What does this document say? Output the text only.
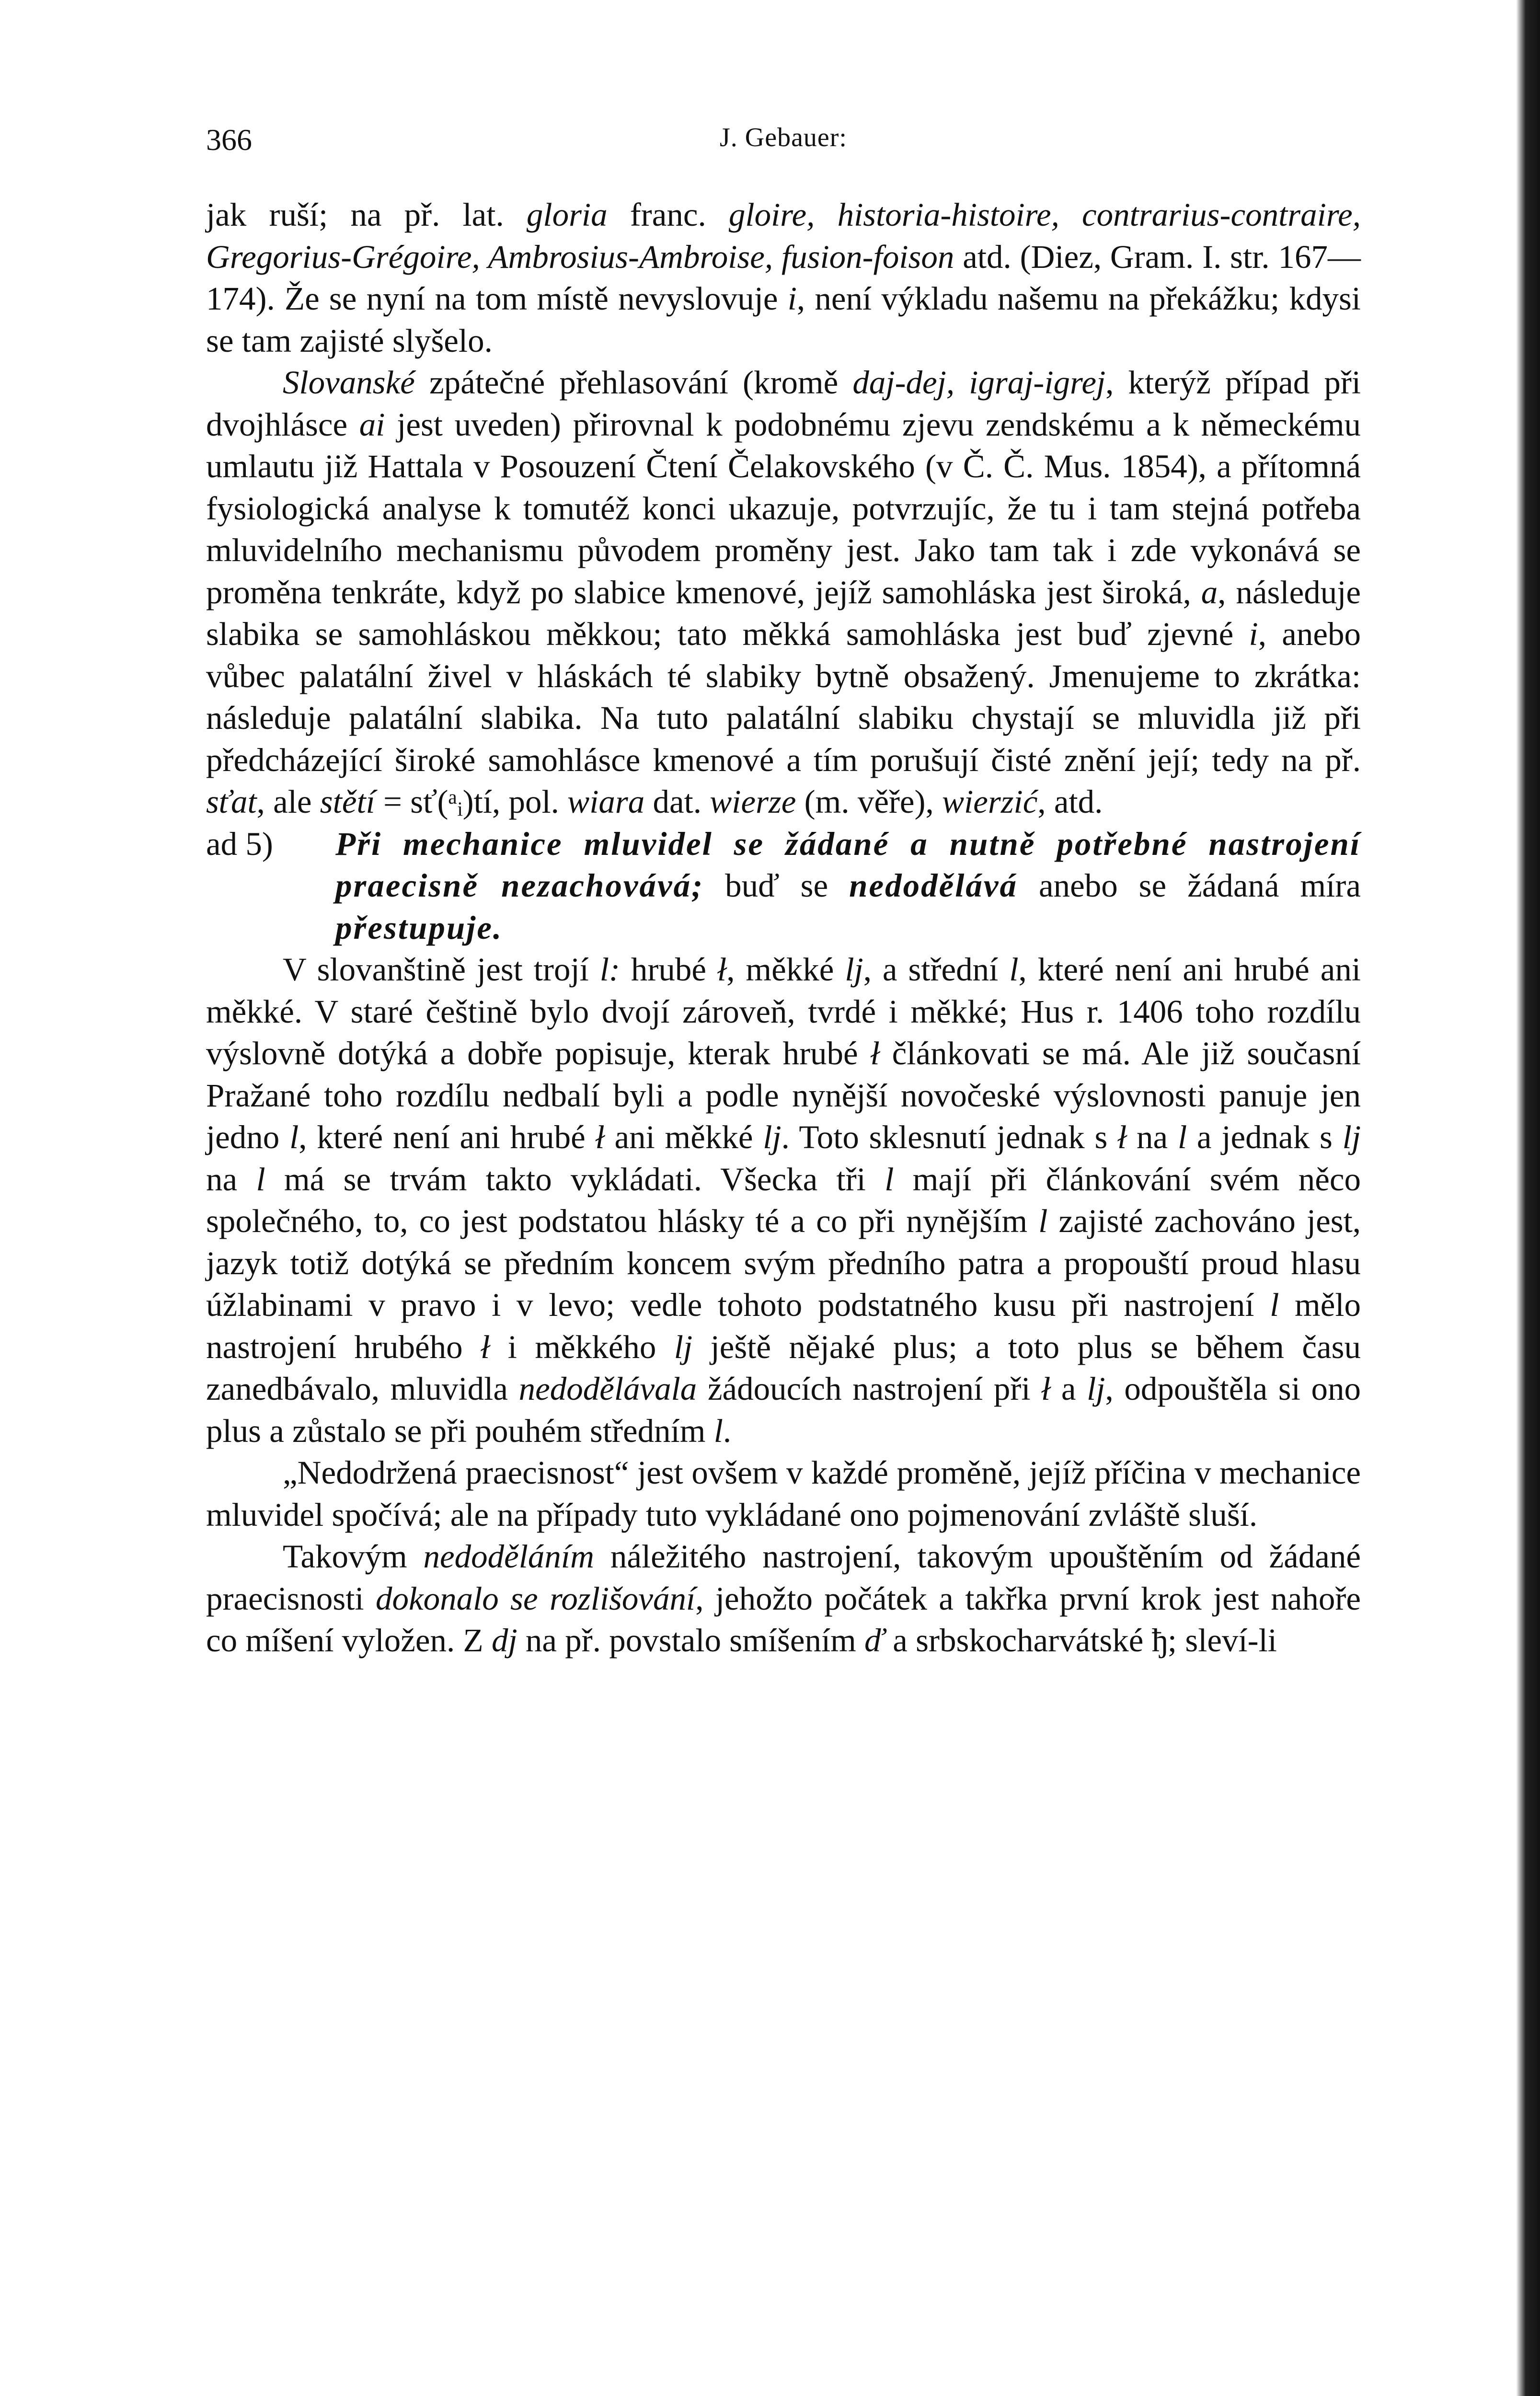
366	J. Gebauer:

jak ruší; na př. lat. gloria franc. gloire, historia-histoire, contrarius-contraire, Gregorius-Grégoire, Ambrosius-Ambroise, fusion-foison atd. (Diez, Gram. I. str. 167—174). Že se nyní na tom místě nevyslovuje i, není výkladu našemu na překážku; kdysi se tam zajisté slyšelo.

Slovanské zpátečné přehlasování (kromě daj-dej, igraj-igrej, kterýž případ při dvojhlásce ai jest uveden) přirovnal k podobnému zjevu zendskému a k německému umlautu již Hattala v Posouzení Čtení Čelakovského (v Č. Č. Mus. 1854), a přítomná fysiologická analyse k tomutéž konci ukazuje, potvrzujíc, že tu i tam stejná potřeba mluvidelního mechanismu původem proměny jest. Jako tam tak i zde vykonává se proměna tenkráte, když po slabice kmenové, jejíž samohláska jest široká, a, následuje slabika se samohláskou měkkou; tato měkká samohláska jest buď zjevné i, anebo vůbec palatální živel v hláskách té slabiky bytně obsažený. Jmenujeme to zkrátka: následuje palatální slabika. Na tuto palatální slabiku chystají se mluvidla již při předcházející široké samohlásce kmenové a tím porušují čisté znění její; tedy na př. sťat, ale stětí = sť(ᵃᵢ)tí, pol. wiara dat. wierze (m. věře), wierzić, atd.

ad 5) Při mechanice mluvidel se žádané a nutně potřebné nastrojení praecisně nezachovává; buď se nedodělává anebo se žádaná míra přestupuje.

V slovanštině jest trojí l: hrubé ł, měkké lj, a střední l, které není ani hrubé ani měkké. V staré češtině bylo dvojí zároveň, tvrdé i měkké; Hus r. 1406 toho rozdílu výslovně dotýká a dobře popisuje, kterak hrubé ł článkovati se má. Ale již současní Pražané toho rozdílu nedbalí byli a podle nynější novočeské výslovnosti panuje jen jedno l, které není ani hrubé ł ani měkké lj. Toto sklesnutí jednak s ł na l a jednak s lj na l má se trvám takto vykládati. Všecka tři l mají při článkování svém něco společného, to, co jest podstatou hlásky té a co při nynějším l zajisté zachováno jest, jazyk totiž dotýká se předním koncem svým předního patra a propouští proud hlasu úžlabinami v pravo i v levo; vedle tohoto podstatného kusu při nastrojení l mělo nastrojení hrubého ł i měkkého lj ještě nějaké plus; a toto plus se během času zanedbávalo, mluvidla nedodělávala žádoucích nastrojení při ł a lj, odpouštěla si ono plus a zůstalo se při pouhém středním l.

„Nedodržená praecisnost“ jest ovšem v každé proměně, jejíž příčina v mechanice mluvidel spočívá; ale na případy tuto vykládané ono pojmenování zvláště sluší.

Takovým nedoděláním náležitého nastrojení, takovým upouštěním od žádané praecisnosti dokonalo se rozlišování, jehožto počátek a takřka první krok jest nahoře co míšení vyložen. Z dj na př. povstalo smíšením ď a srbskocharvátské ђ; sleví-li
